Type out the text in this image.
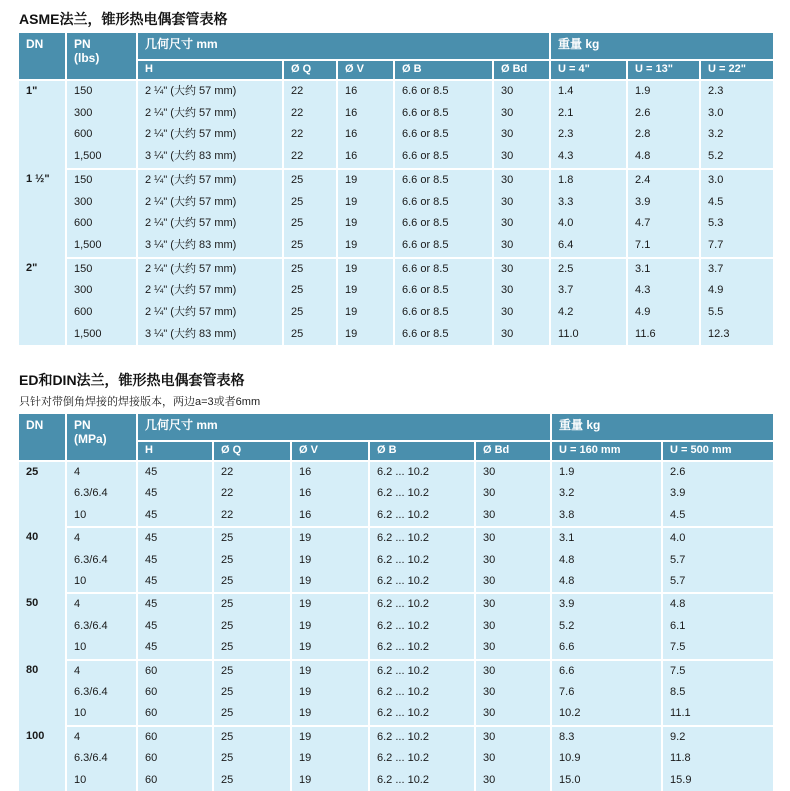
ASME法兰，锥形热电偶套管表格
DN	PN
(lbs)	几何尺寸 mm					重量 kg		
		H	Ø Q	Ø V	Ø B	Ø Bd	U = 4"	U = 13"	U = 22"
1"	150	2 ¼" (大约 57 mm)	22	16	6.6 or 8.5	30	1.4	1.9	2.3
	300	2 ¼" (大约 57 mm)	22	16	6.6 or 8.5	30	2.1	2.6	3.0
	600	2 ¼" (大约 57 mm)	22	16	6.6 or 8.5	30	2.3	2.8	3.2
	1,500	3 ¼" (大约 83 mm)	22	16	6.6 or 8.5	30	4.3	4.8	5.2
1 ½"	150	2 ¼" (大约 57 mm)	25	19	6.6 or 8.5	30	1.8	2.4	3.0
	300	2 ¼" (大约 57 mm)	25	19	6.6 or 8.5	30	3.3	3.9	4.5
	600	2 ¼" (大约 57 mm)	25	19	6.6 or 8.5	30	4.0	4.7	5.3
	1,500	3 ¼" (大约 83 mm)	25	19	6.6 or 8.5	30	6.4	7.1	7.7
2"	150	2 ¼" (大约 57 mm)	25	19	6.6 or 8.5	30	2.5	3.1	3.7
	300	2 ¼" (大约 57 mm)	25	19	6.6 or 8.5	30	3.7	4.3	4.9
	600	2 ¼" (大约 57 mm)	25	19	6.6 or 8.5	30	4.2	4.9	5.5
	1,500	3 ¼" (大约 83 mm)	25	19	6.6 or 8.5	30	11.0	11.6	12.3
ED和DIN法兰，锥形热电偶套管表格

只针对带倒角焊接的焊接版本，两边a=3或者6mm

DN	PN
(MPa)	几何尺寸 mm					重量 kg	
		H	Ø Q	Ø V	Ø B	Ø Bd	U = 160 mm	U = 500 mm
25	4	45	22	16	6.2 ... 10.2	30	1.9	2.6
	6.3/6.4	45	22	16	6.2 ... 10.2	30	3.2	3.9
	10	45	22	16	6.2 ... 10.2	30	3.8	4.5
40	4	45	25	19	6.2 ... 10.2	30	3.1	4.0
	6.3/6.4	45	25	19	6.2 ... 10.2	30	4.8	5.7
	10	45	25	19	6.2 ... 10.2	30	4.8	5.7
50	4	45	25	19	6.2 ... 10.2	30	3.9	4.8
	6.3/6.4	45	25	19	6.2 ... 10.2	30	5.2	6.1
	10	45	25	19	6.2 ... 10.2	30	6.6	7.5
80	4	60	25	19	6.2 ... 10.2	30	6.6	7.5
	6.3/6.4	60	25	19	6.2 ... 10.2	30	7.6	8.5
	10	60	25	19	6.2 ... 10.2	30	10.2	11.1
100	4	60	25	19	6.2 ... 10.2	30	8.3	9.2
	6.3/6.4	60	25	19	6.2 ... 10.2	30	10.9	11.8
	10	60	25	19	6.2 ... 10.2	30	15.0	15.9
